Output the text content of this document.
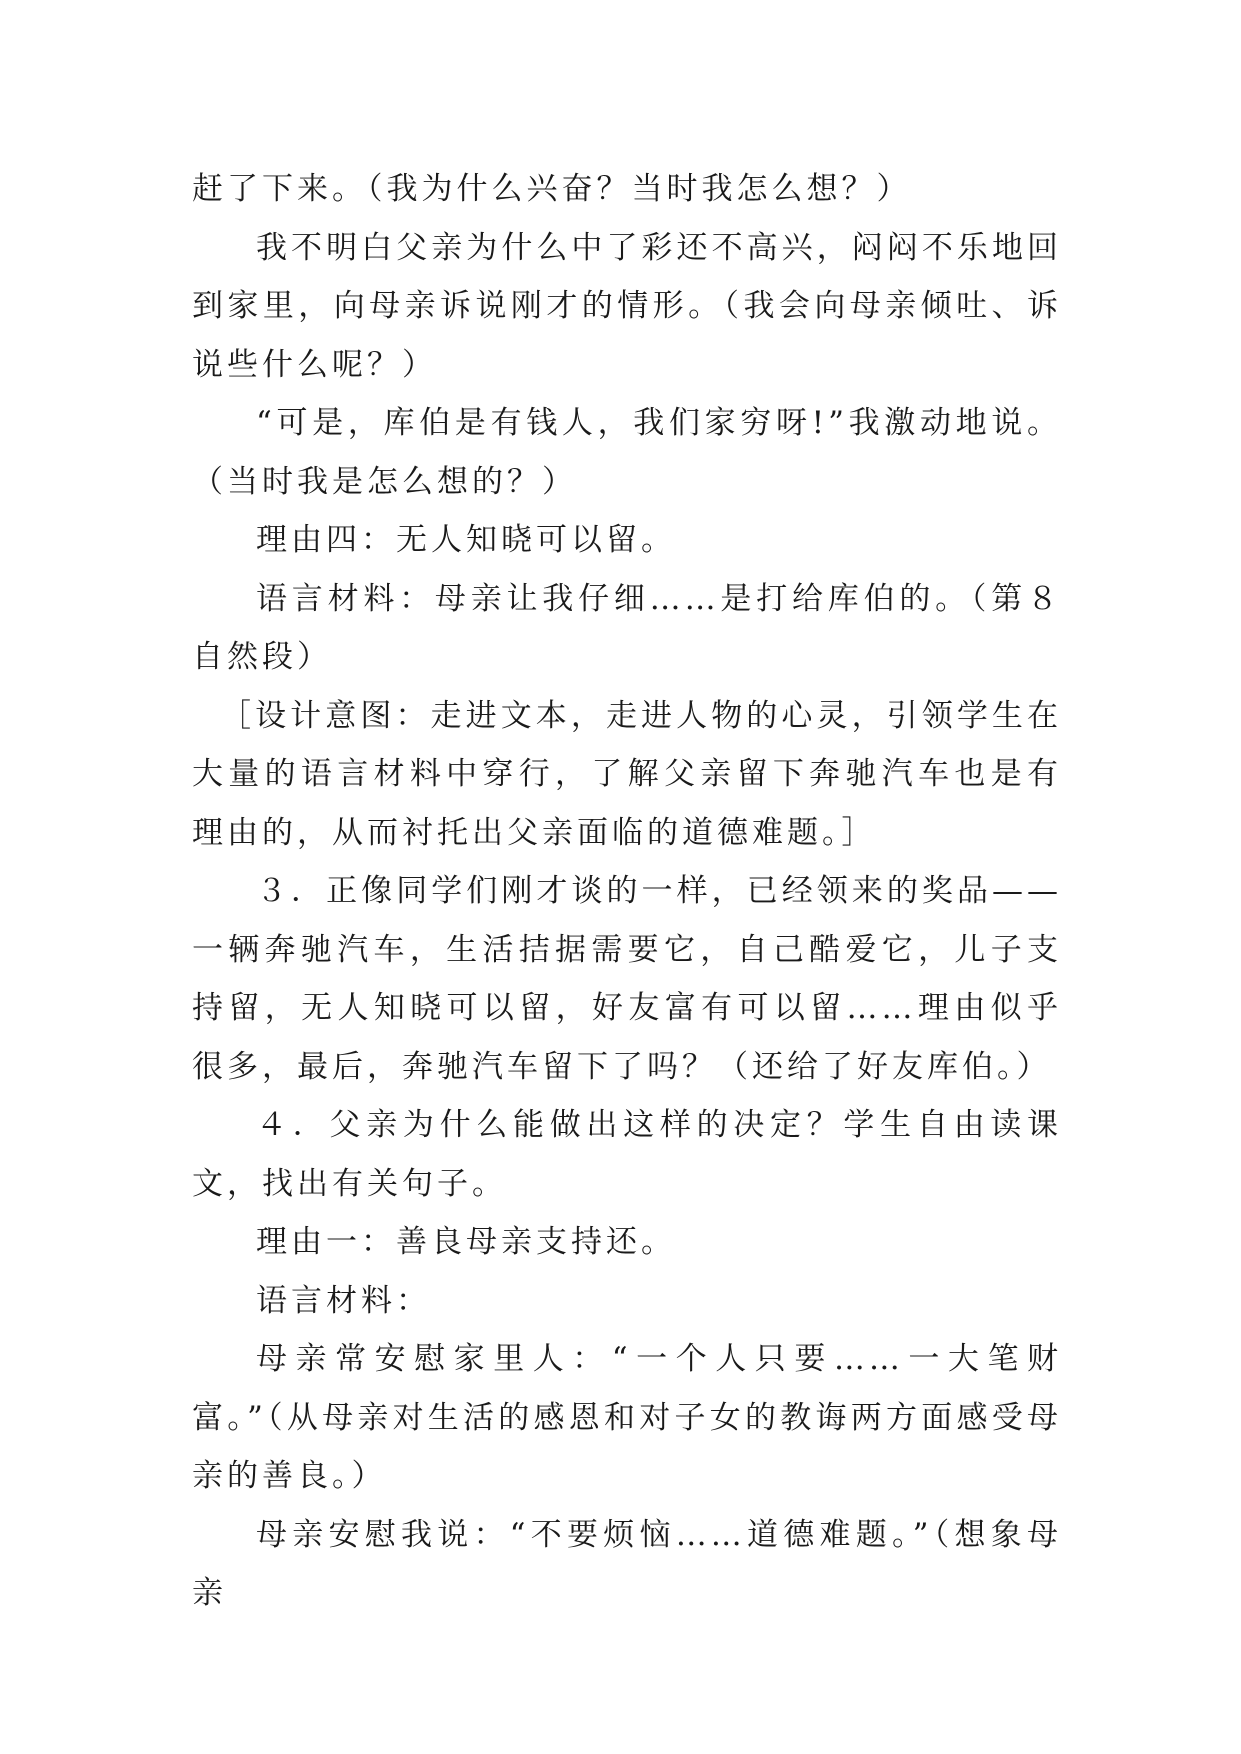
赶了下来。（我为什么兴奋？当时我怎么想？）

我不明白父亲为什么中了彩还不高兴，闷闷不乐地回到家里，向母亲诉说刚才的情形。（我会向母亲倾吐、诉说些什么呢？）

“可是，库伯是有钱人，我们家穷呀!”我激动地说。（当时我是怎么想的？）

理由四：无人知晓可以留。

语言材料：母亲让我仔细……是打给库伯的。（第８自然段）

［设计意图：走进文本，走进人物的心灵，引领学生在大量的语言材料中穿行，了解父亲留下奔驰汽车也是有理由的，从而衬托出父亲面临的道德难题。］

３．正像同学们刚才谈的一样，已经领来的奖品——一辆奔驰汽车，生活拮据需要它，自己酷爱它，儿子支持留，无人知晓可以留，好友富有可以留……理由似乎很多，最后，奔驰汽车留下了吗？（还给了好友库伯。）

４．父亲为什么能做出这样的决定？学生自由读课文，找出有关句子。

理由一：善良母亲支持还。

语言材料：

母亲常安慰家里人：“一个人只要……一大笔财富。”（从母亲对生活的感恩和对子女的教诲两方面感受母亲的善良。）

母亲安慰我说：“不要烦恼……道德难题。”（想象母亲
